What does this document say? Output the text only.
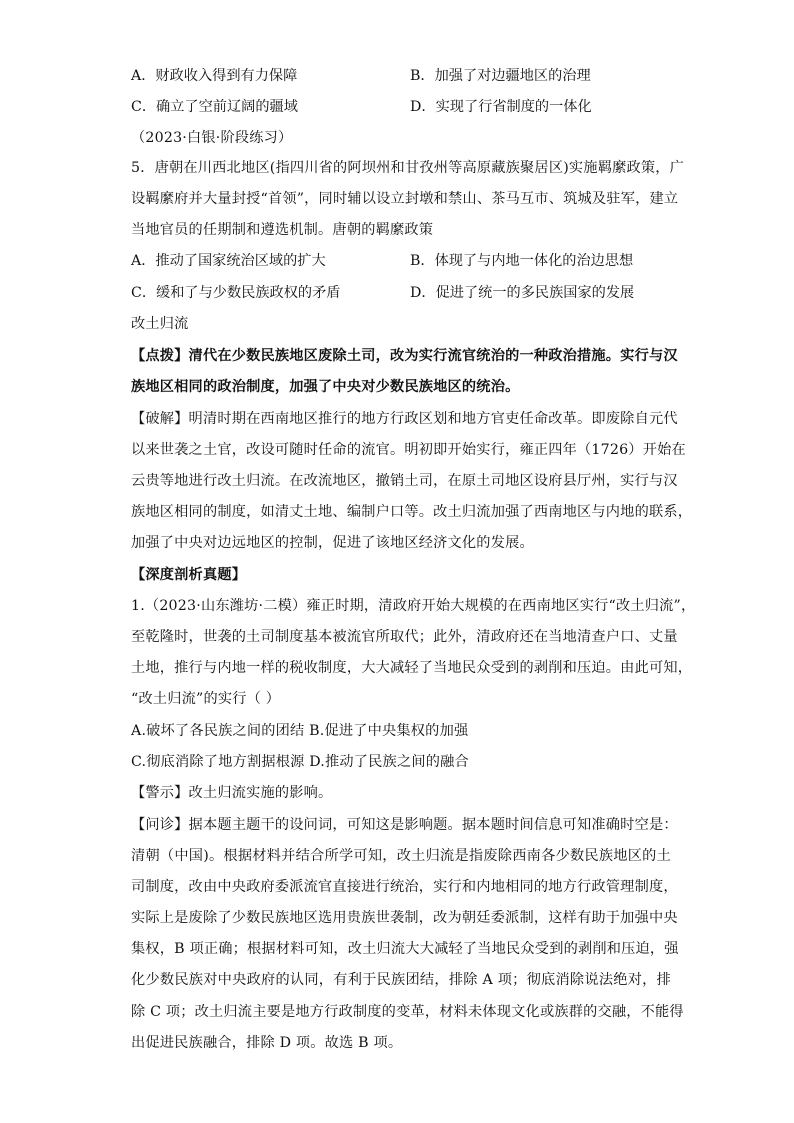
A．财政收入得到有力保障	B．加强了对边疆地区的治理
C．确立了空前辽阔的疆域	D．实现了行省制度的一体化
（2023·白银·阶段练习）
5．唐朝在川西北地区(指四川省的阿坝州和甘孜州等高原藏族聚居区)实施羁縻政策，广
设羁縻府并大量封授“首领”，同时辅以设立封墩和禁山、茶马互市、筑城及驻军，建立
当地官员的任期制和遵选机制。唐朝的羁縻政策
A．推动了国家统治区域的扩大	B．体现了与内地一体化的治边思想
C．缓和了与少数民族政权的矛盾	D．促进了统一的多民族国家的发展
改土归流
【点拨】清代在少数民族地区废除土司，改为实行流官统治的一种政治措施。实行与汉
族地区相同的政治制度，加强了中央对少数民族地区的统治。
【破解】明清时期在西南地区推行的地方行政区划和地方官吏任命改革。即废除自元代
以来世袭之土官，改设可随时任命的流官。明初即开始实行，雍正四年（1726）开始在
云贵等地进行改土归流。在改流地区，撤销土司，在原土司地区设府县厅州，实行与汉
族地区相同的制度，如清丈土地、编制户口等。改土归流加强了西南地区与内地的联系，
加强了中央对边远地区的控制，促进了该地区经济文化的发展。
【深度剖析真题】
1.（2023·山东潍坊·二模）雍正时期，清政府开始大规模的在西南地区实行“改土归流”，
至乾隆时，世袭的土司制度基本被流官所取代；此外，清政府还在当地清查户口、丈量
土地，推行与内地一样的税收制度，大大减轻了当地民众受到的剥削和压迫。由此可知，
“改土归流”的实行（ ）
A.破坏了各民族之间的团结 B.促进了中央集权的加强
C.彻底消除了地方割据根源 D.推动了民族之间的融合
【警示】改土归流实施的影响。
【问诊】据本题主题干的设问词，可知这是影响题。据本题时间信息可知准确时空是：
清朝（中国)。根据材料并结合所学可知，改土归流是指废除西南各少数民族地区的土
司制度，改由中央政府委派流官直接进行统治，实行和内地相同的地方行政管理制度，
实际上是废除了少数民族地区选用贵族世袭制，改为朝廷委派制，这样有助于加强中央
集权，B 项正确；根据材料可知，改土归流大大减轻了当地民众受到的剥削和压迫，强
化少数民族对中央政府的认同，有利于民族团结，排除 A 项；彻底消除说法绝对，排
除 C 项；改土归流主要是地方行政制度的变革，材料未体现文化或族群的交融，不能得
出促进民族融合，排除 D 项。故选 B 项。
